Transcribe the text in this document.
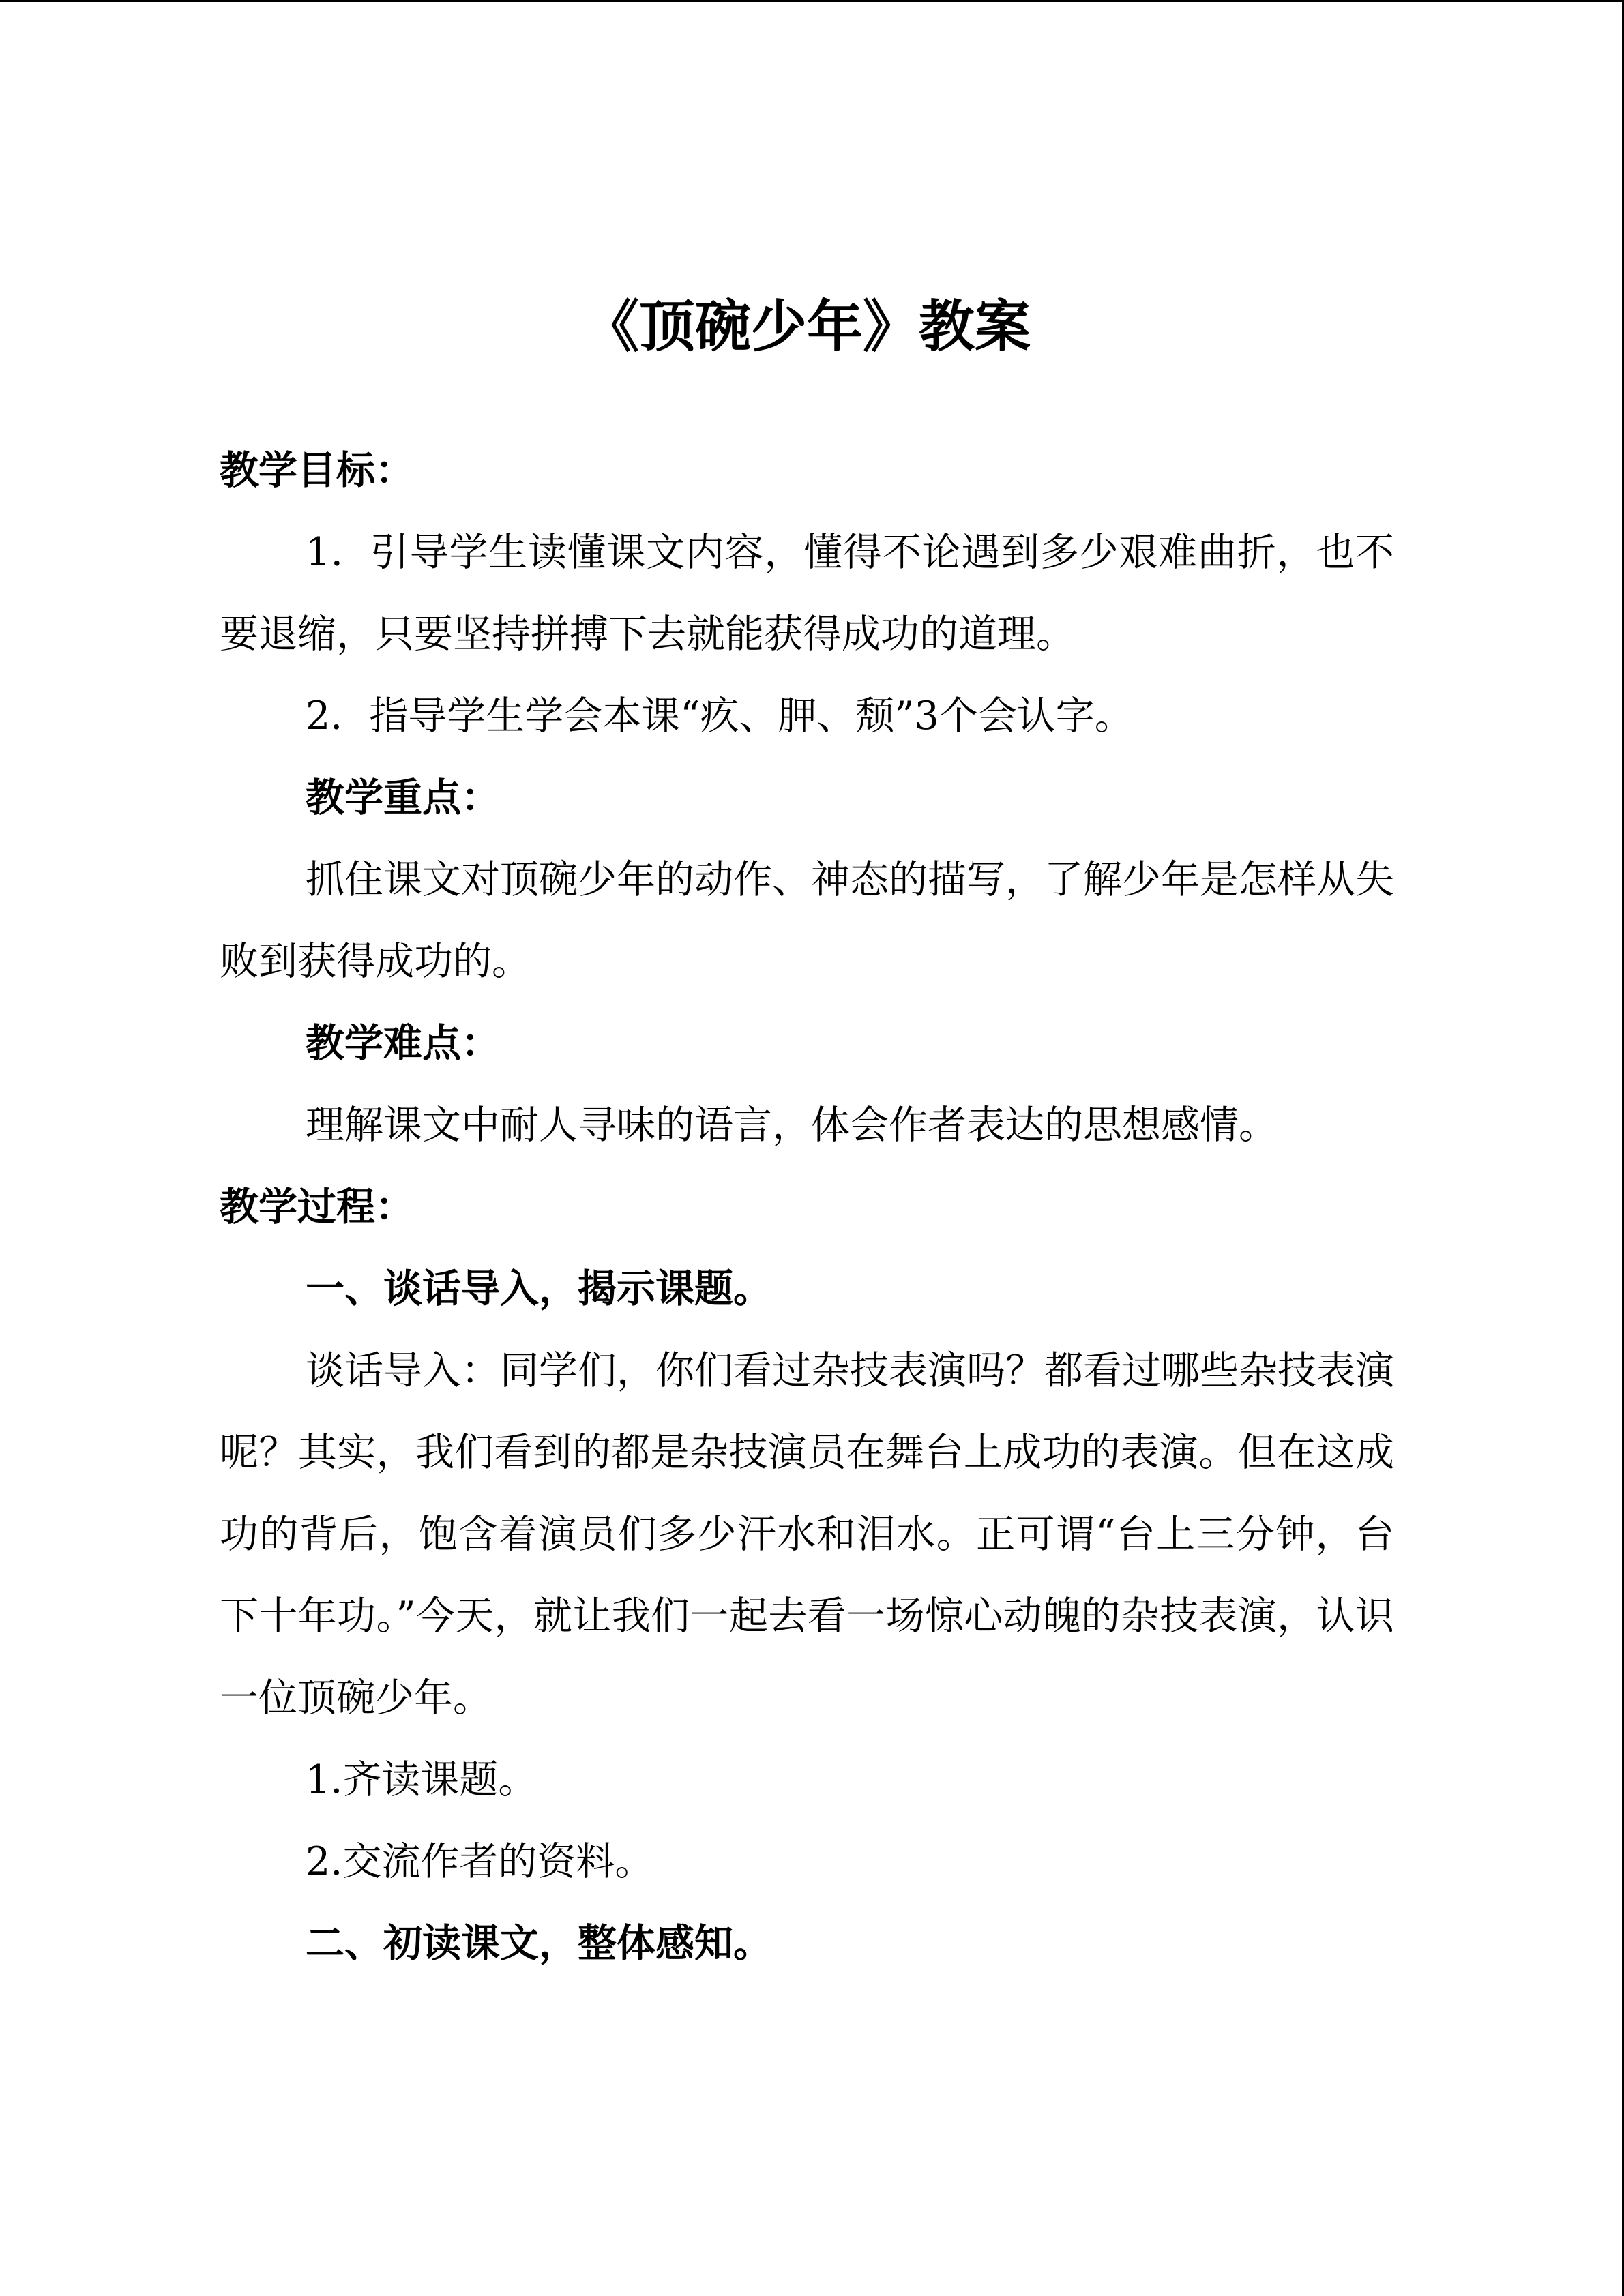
《顶碗少年》教案

教学目标：

1．引导学生读懂课文内容，懂得不论遇到多少艰难曲折，也不要退缩，只要坚持拼搏下去就能获得成功的道理。

2．指导学生学会本课“疚、胛、颓”3个会认字。

教学重点：

抓住课文对顶碗少年的动作、神态的描写，了解少年是怎样从失败到获得成功的。

教学难点：

理解课文中耐人寻味的语言，体会作者表达的思想感情。

教学过程：

一、谈话导入，揭示课题。

谈话导入：同学们，你们看过杂技表演吗？都看过哪些杂技表演呢？其实，我们看到的都是杂技演员在舞台上成功的表演。但在这成功的背后，饱含着演员们多少汗水和泪水。正可谓“台上三分钟，台下十年功。”今天，就让我们一起去看一场惊心动魄的杂技表演，认识一位顶碗少年。

1.齐读课题。

2.交流作者的资料。

二、初读课文，整体感知。
